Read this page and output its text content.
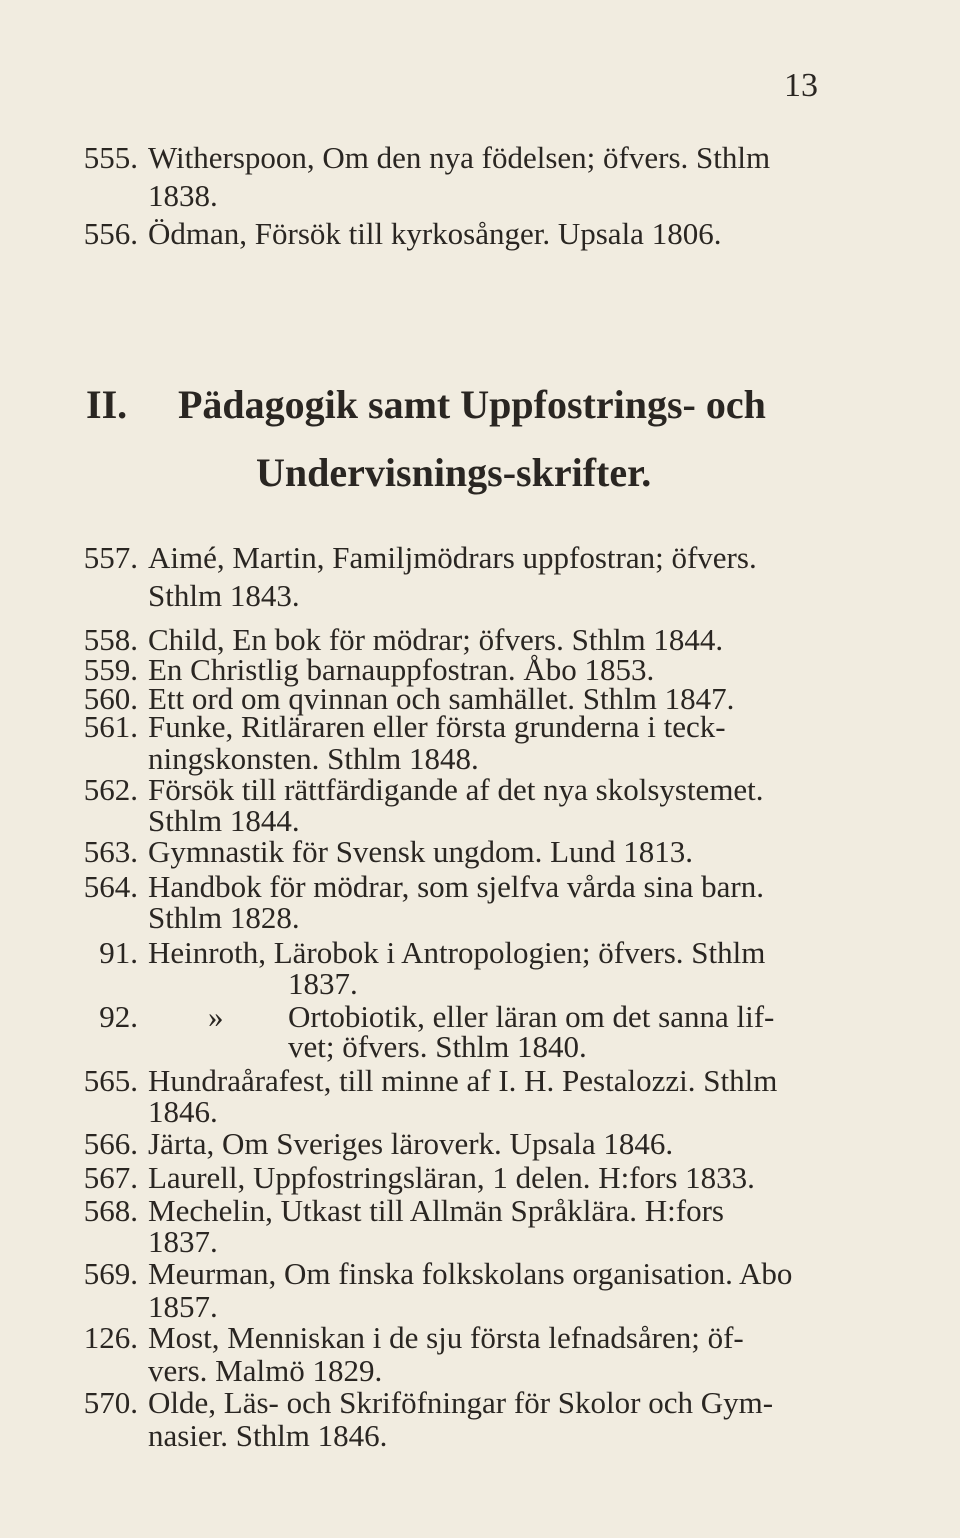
13
II. Pädagogik samt Uppfostrings- och
Undervisnings-skrifter.
555. Witherspoon, Om den nya födelsen; öfvers. Sthlm
1838.
556. Ödman, Försök till kyrkosånger. Upsala 1806.
557. Aimé, Martin, Familjmödrars uppfostran; öfvers.
Sthlm 1843.
558. Child, En bok för mödrar; öfvers. Sthlm 1844.
559. En Christlig barnauppfostran. Åbo 1853.
560. Ett ord om qvinnan och samhället. Sthlm 1847.
561. Funke, Ritläraren eller första grunderna i teck-
ningskonsten. Sthlm 1848.
562. Försök till rättfärdigande af det nya skolsystemet.
Sthlm 1844.
563. Gymnastik för Svensk ungdom. Lund 1813.
564. Handbok för mödrar, som sjelfva vårda sina barn.
Sthlm 1828.
91. Heinroth, Lärobok i Antropologien; öfvers. Sthlm
1837.
92. » Ortobiotik, eller läran om det sanna lif-
vet; öfvers. Sthlm 1840.
565. Hundraårafest, till minne af I. H. Pestalozzi. Sthlm
1846.
566. Järta, Om Sveriges läroverk. Upsala 1846.
567. Laurell, Uppfostringsläran, 1 delen. H:fors 1833.
568. Mechelin, Utkast till Allmän Språklära. H:fors
1837.
569. Meurman, Om finska folkskolans organisation. Abo
1857.
126. Most, Menniskan i de sju första lefnadsåren; öf-
vers. Malmö 1829.
570. Olde, Läs- och Skriföfningar för Skolor och Gym-
nasier. Sthlm 1846.
